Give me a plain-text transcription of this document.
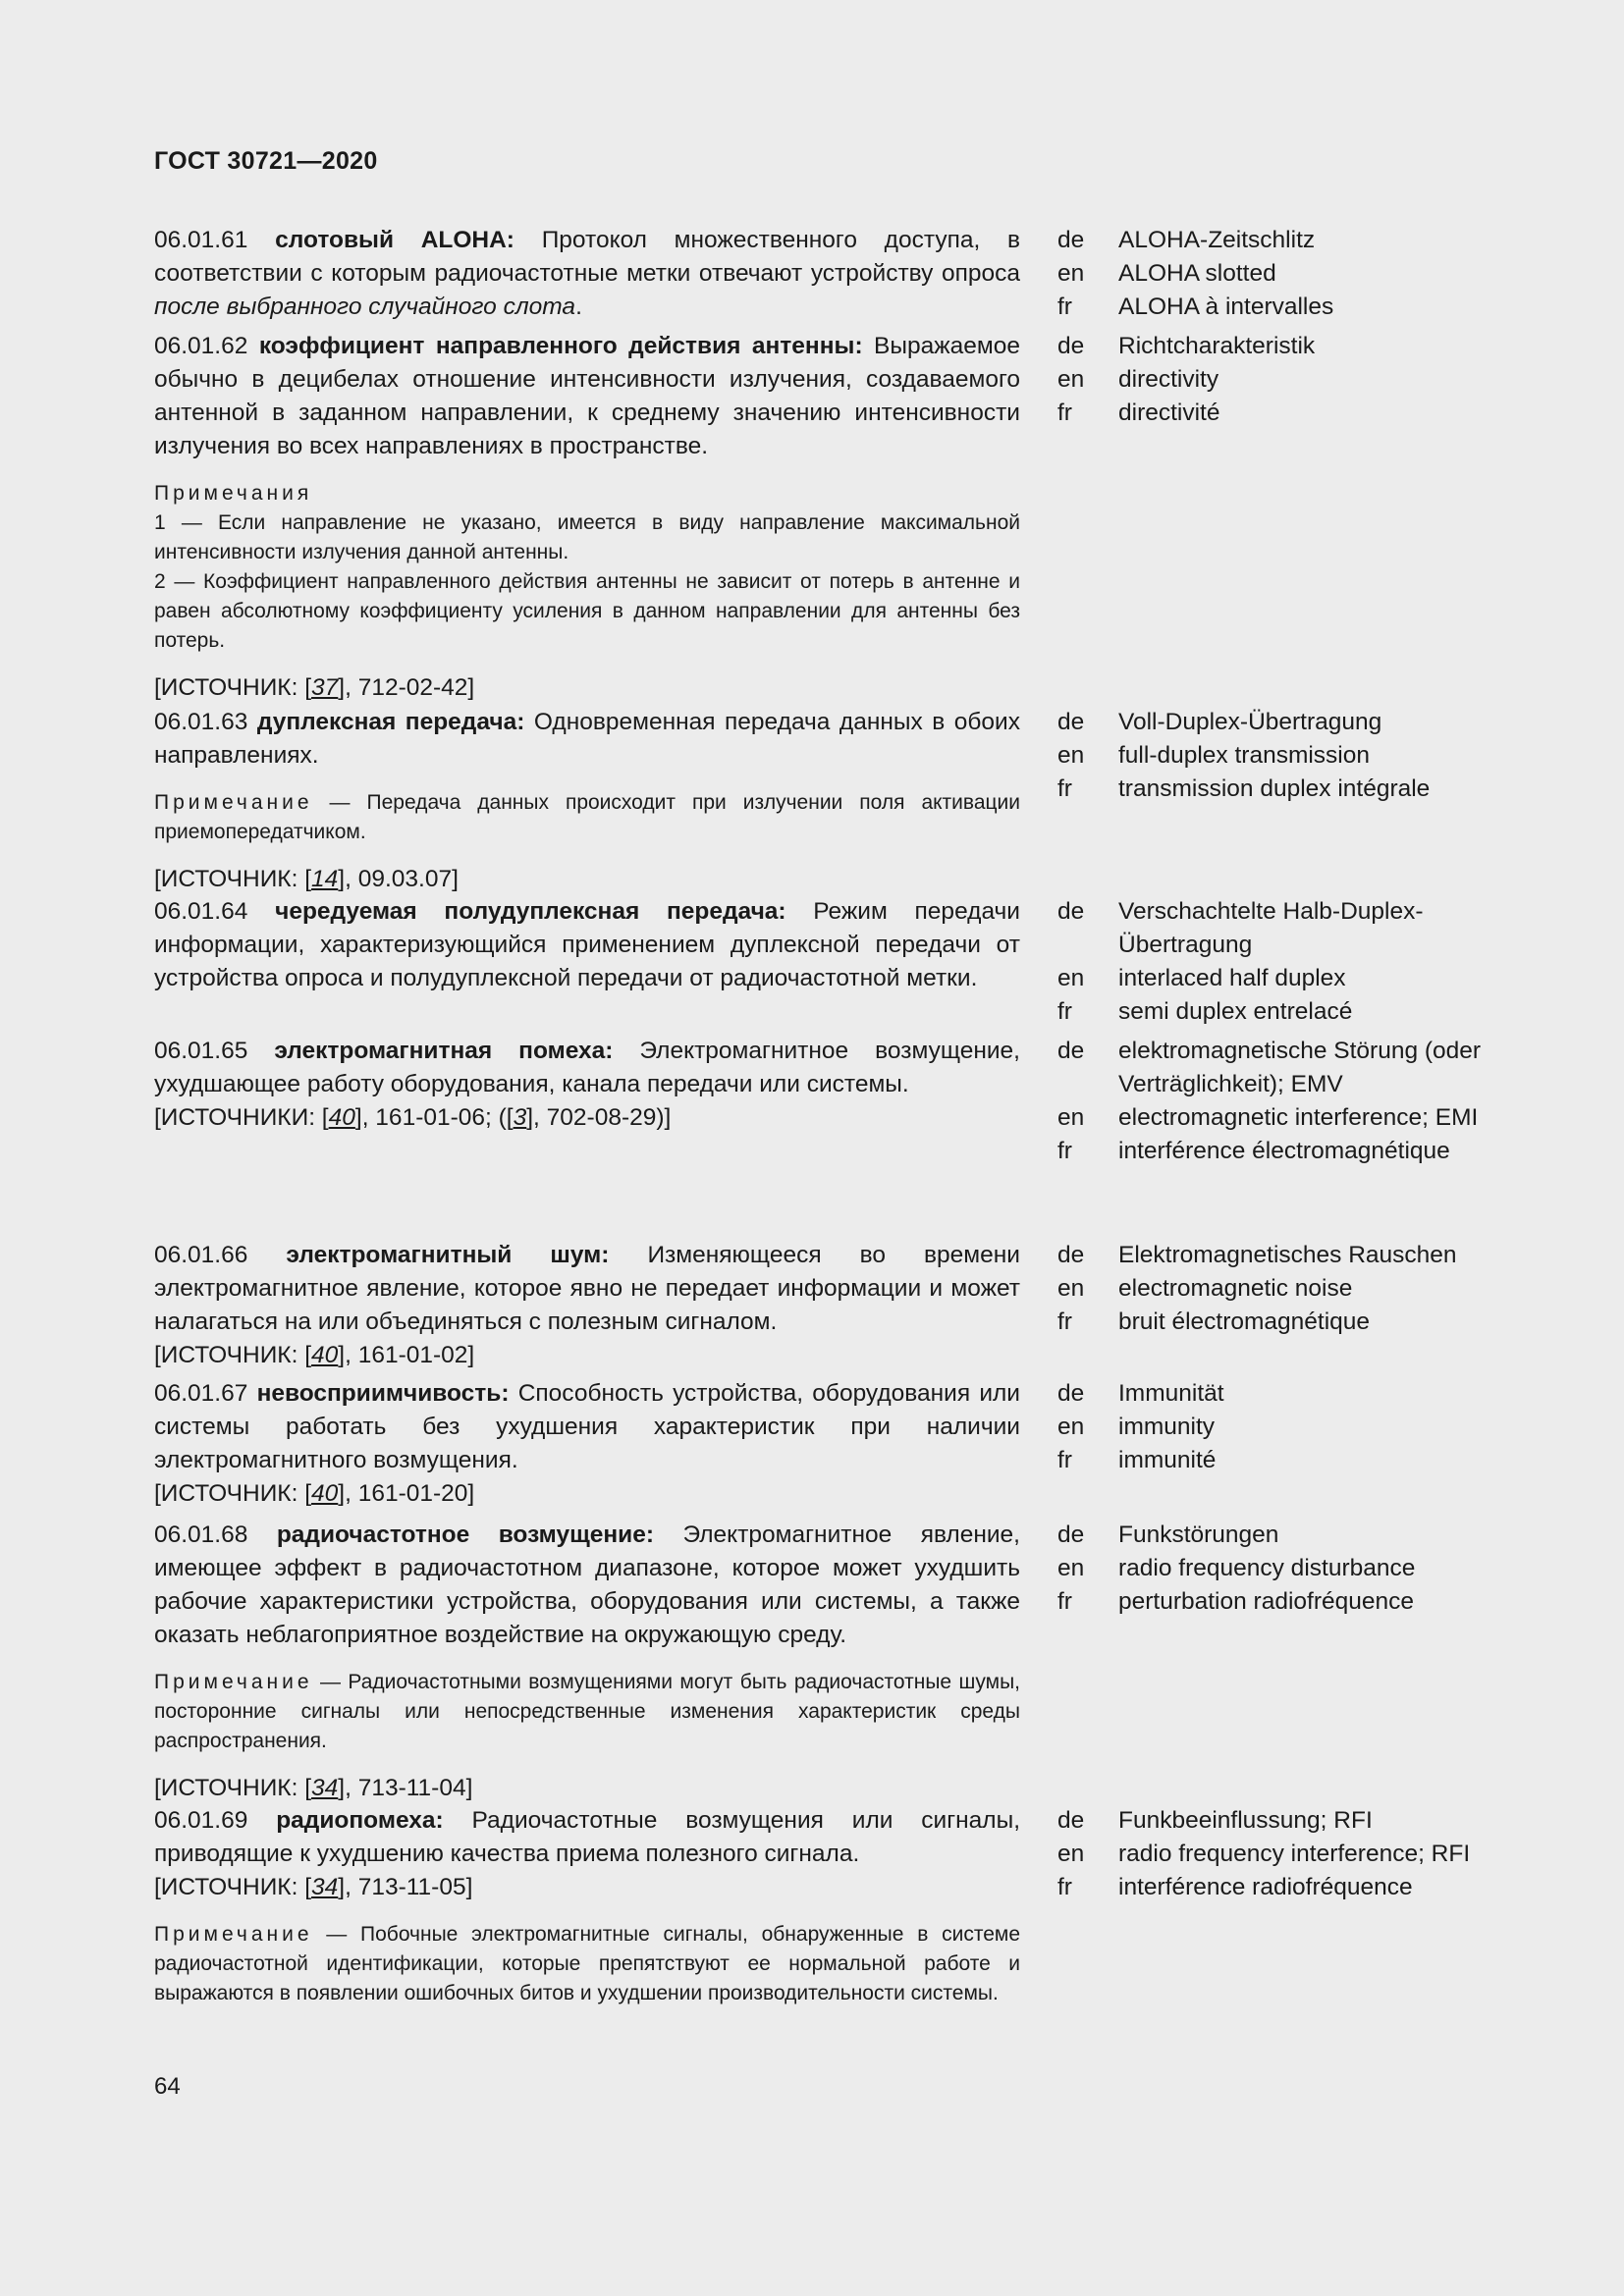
ГОСТ 30721—2020

06.01.61 слотовый ALOHA: Протокол множественного доступа, в соответствии с которым радиочастотные метки отвечают устройству опроса после выбранного случайного слота.

de	ALOHA-Zeitschlitz
en	ALOHA slotted
fr	ALOHA à intervalles

06.01.62 коэффициент направленного действия антенны: Выражаемое обычно в децибелах отношение интенсивности излучения, создаваемого антенной в заданном направлении, к среднему значению интенсивности излучения во всех направлениях в пространстве.

Примечания

1 — Если направление не указано, имеется в виду направление максимальной интенсивности излучения данной антенны.

2 — Коэффициент направленного действия антенны не зависит от потерь в антенне и равен абсолютному коэффициенту усиления в данном направлении для антенны без потерь.

[ИСТОЧНИК: [37], 712-02-42]

de	Richtcharakteristik
en	directivity
fr	directivité

06.01.63 дуплексная передача: Одновременная передача данных в обоих направлениях.

Примечание — Передача данных происходит при излучении поля активации приемопередатчиком.

[ИСТОЧНИК: [14], 09.03.07]

de	Voll-Duplex-Übertragung
en	full-duplex transmission
fr	transmission duplex intégrale

06.01.64 чередуемая полудуплексная передача: Режим передачи информации, характеризующийся применением дуплексной передачи от устройства опроса и полудуплексной передачи от радиочастотной метки.

de	Verschachtelte Halb-Duplex-Übertragung
en	interlaced half duplex
fr	semi duplex entrelacé

06.01.65 электромагнитная помеха: Электромагнитное возмущение, ухудшающее работу оборудования, канала передачи или системы.

[ИСТОЧНИКИ: [40], 161-01-06; ([3], 702-08-29)]

de	elektromagnetische Störung (oder Verträglichkeit); EMV
en	electromagnetic interference; EMI
fr	interférence électromagnétique

06.01.66 электромагнитный шум: Изменяющееся во времени электромагнитное явление, которое явно не передает информации и может налагаться на или объединяться с полезным сигналом.

[ИСТОЧНИК: [40], 161-01-02]

de	Elektromagnetisches Rauschen
en	electromagnetic noise
fr	bruit électromagnétique

06.01.67 невосприимчивость: Способность устройства, оборудования или системы работать без ухудшения характеристик при наличии электромагнитного возмущения.

[ИСТОЧНИК: [40], 161-01-20]

de	Immunität
en	immunity
fr	immunité

06.01.68 радиочастотное возмущение: Электромагнитное явление, имеющее эффект в радиочастотном диапазоне, которое может ухудшить рабочие характеристики устройства, оборудования или системы, а также оказать неблагоприятное воздействие на окружающую среду.

Примечание — Радиочастотными возмущениями могут быть радиочастотные шумы, посторонние сигналы или непосредственные изменения характеристик среды распространения.

[ИСТОЧНИК: [34], 713-11-04]

de	Funkstörungen
en	radio frequency disturbance
fr	perturbation radiofréquence

06.01.69 радиопомеха: Радиочастотные возмущения или сигналы, приводящие к ухудшению качества приема полезного сигнала.

[ИСТОЧНИК: [34], 713-11-05]

Примечание — Побочные электромагнитные сигналы, обнаруженные в системе радиочастотной идентификации, которые препятствуют ее нормальной работе и выражаются в появлении ошибочных битов и ухудшении производительности системы.

de	Funkbeeinflussung; RFI
en	radio frequency interference; RFI
fr	interférence radiofréquence
64
